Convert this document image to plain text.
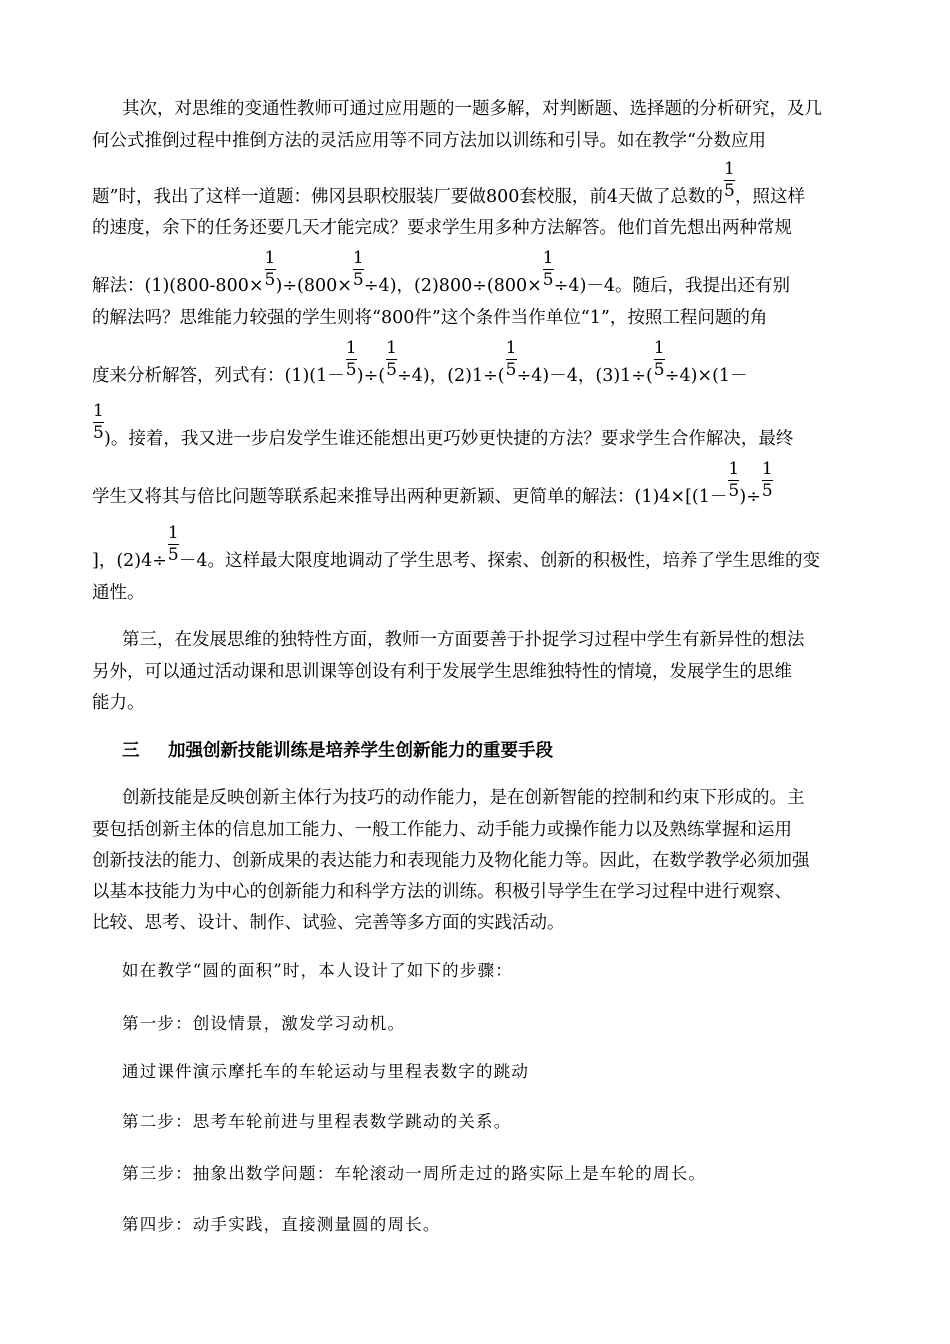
其次，对思维的变通性教师可通过应用题的一题多解，对判断题、选择题的分析研究，及几
何公式推倒过程中推倒方法的灵活应用等不同方法加以训练和引导。如在教学“分数应用
题”时，我出了这样一道题：佛冈县职校服装厂要做800套校服，前4天做了总数的 $\frac{1}{5}$ ，照这样
的速度，余下的任务还要几天才能完成？要求学生用多种方法解答。他们首先想出两种常规
解法：$(1)(800-800\times \frac{1}{5} )\div(800\times \frac{1}{5} \div 4)$，$(2)800\div(800\times \frac{1}{5} \div 4)-4$。随后，我提出还有别
的解法吗？思维能力较强的学生则将“800件”这个条件当作单位“1”，按照工程问题的角
度来分析解答，列式有：$(1)(1- \frac{1}{5}$ )÷( $\frac{1}{5} \div 4$)，$(2)1\div( \frac{1}{5} \div 4)-4$，$(3)1\div( \frac{1}{5} \div 4)\times(1-$
$\frac{1}{5}$ )。接着，我又进一步启发学生谁还能想出更巧妙更快捷的方法？要求学生合作解决，最终
学生又将其与倍比问题等联系起来推导出两种更新颖、更简单的解法：$(1)4\times[(1- \frac{1}{5}$ )÷ $\frac{1}{5}$
]，$(2)4\div \frac{1}{5} -4$。这样最大限度地调动了学生思考、探索、创新的积极性，培养了学生思维的变
通性。
第三，在发展思维的独特性方面，教师一方面要善于扑捉学习过程中学生有新异性的想法
另外，可以通过活动课和思训课等创设有利于发展学生思维独特性的情境，发展学生的思维
能力。
三 加强创新技能训练是培养学生创新能力的重要手段
创新技能是反映创新主体行为技巧的动作能力，是在创新智能的控制和约束下形成的。主
要包括创新主体的信息加工能力、一般工作能力、动手能力或操作能力以及熟练掌握和运用
创新技法的能力、创新成果的表达能力和表现能力及物化能力等。因此，在数学教学必须加强
以基本技能力为中心的创新能力和科学方法的训练。积极引导学生在学习过程中进行观察、
比较、思考、设计、制作、试验、完善等多方面的实践活动。
如在教学“圆的面积”时，本人设计了如下的步骤：
第一步：创设情景，激发学习动机。
通过课件演示摩托车的车轮运动与里程表数字的跳动
第二步：思考车轮前进与里程表数学跳动的关系。
第三步：抽象出数学问题：车轮滚动一周所走过的路实际上是车轮的周长。
第四步：动手实践，直接测量圆的周长。
